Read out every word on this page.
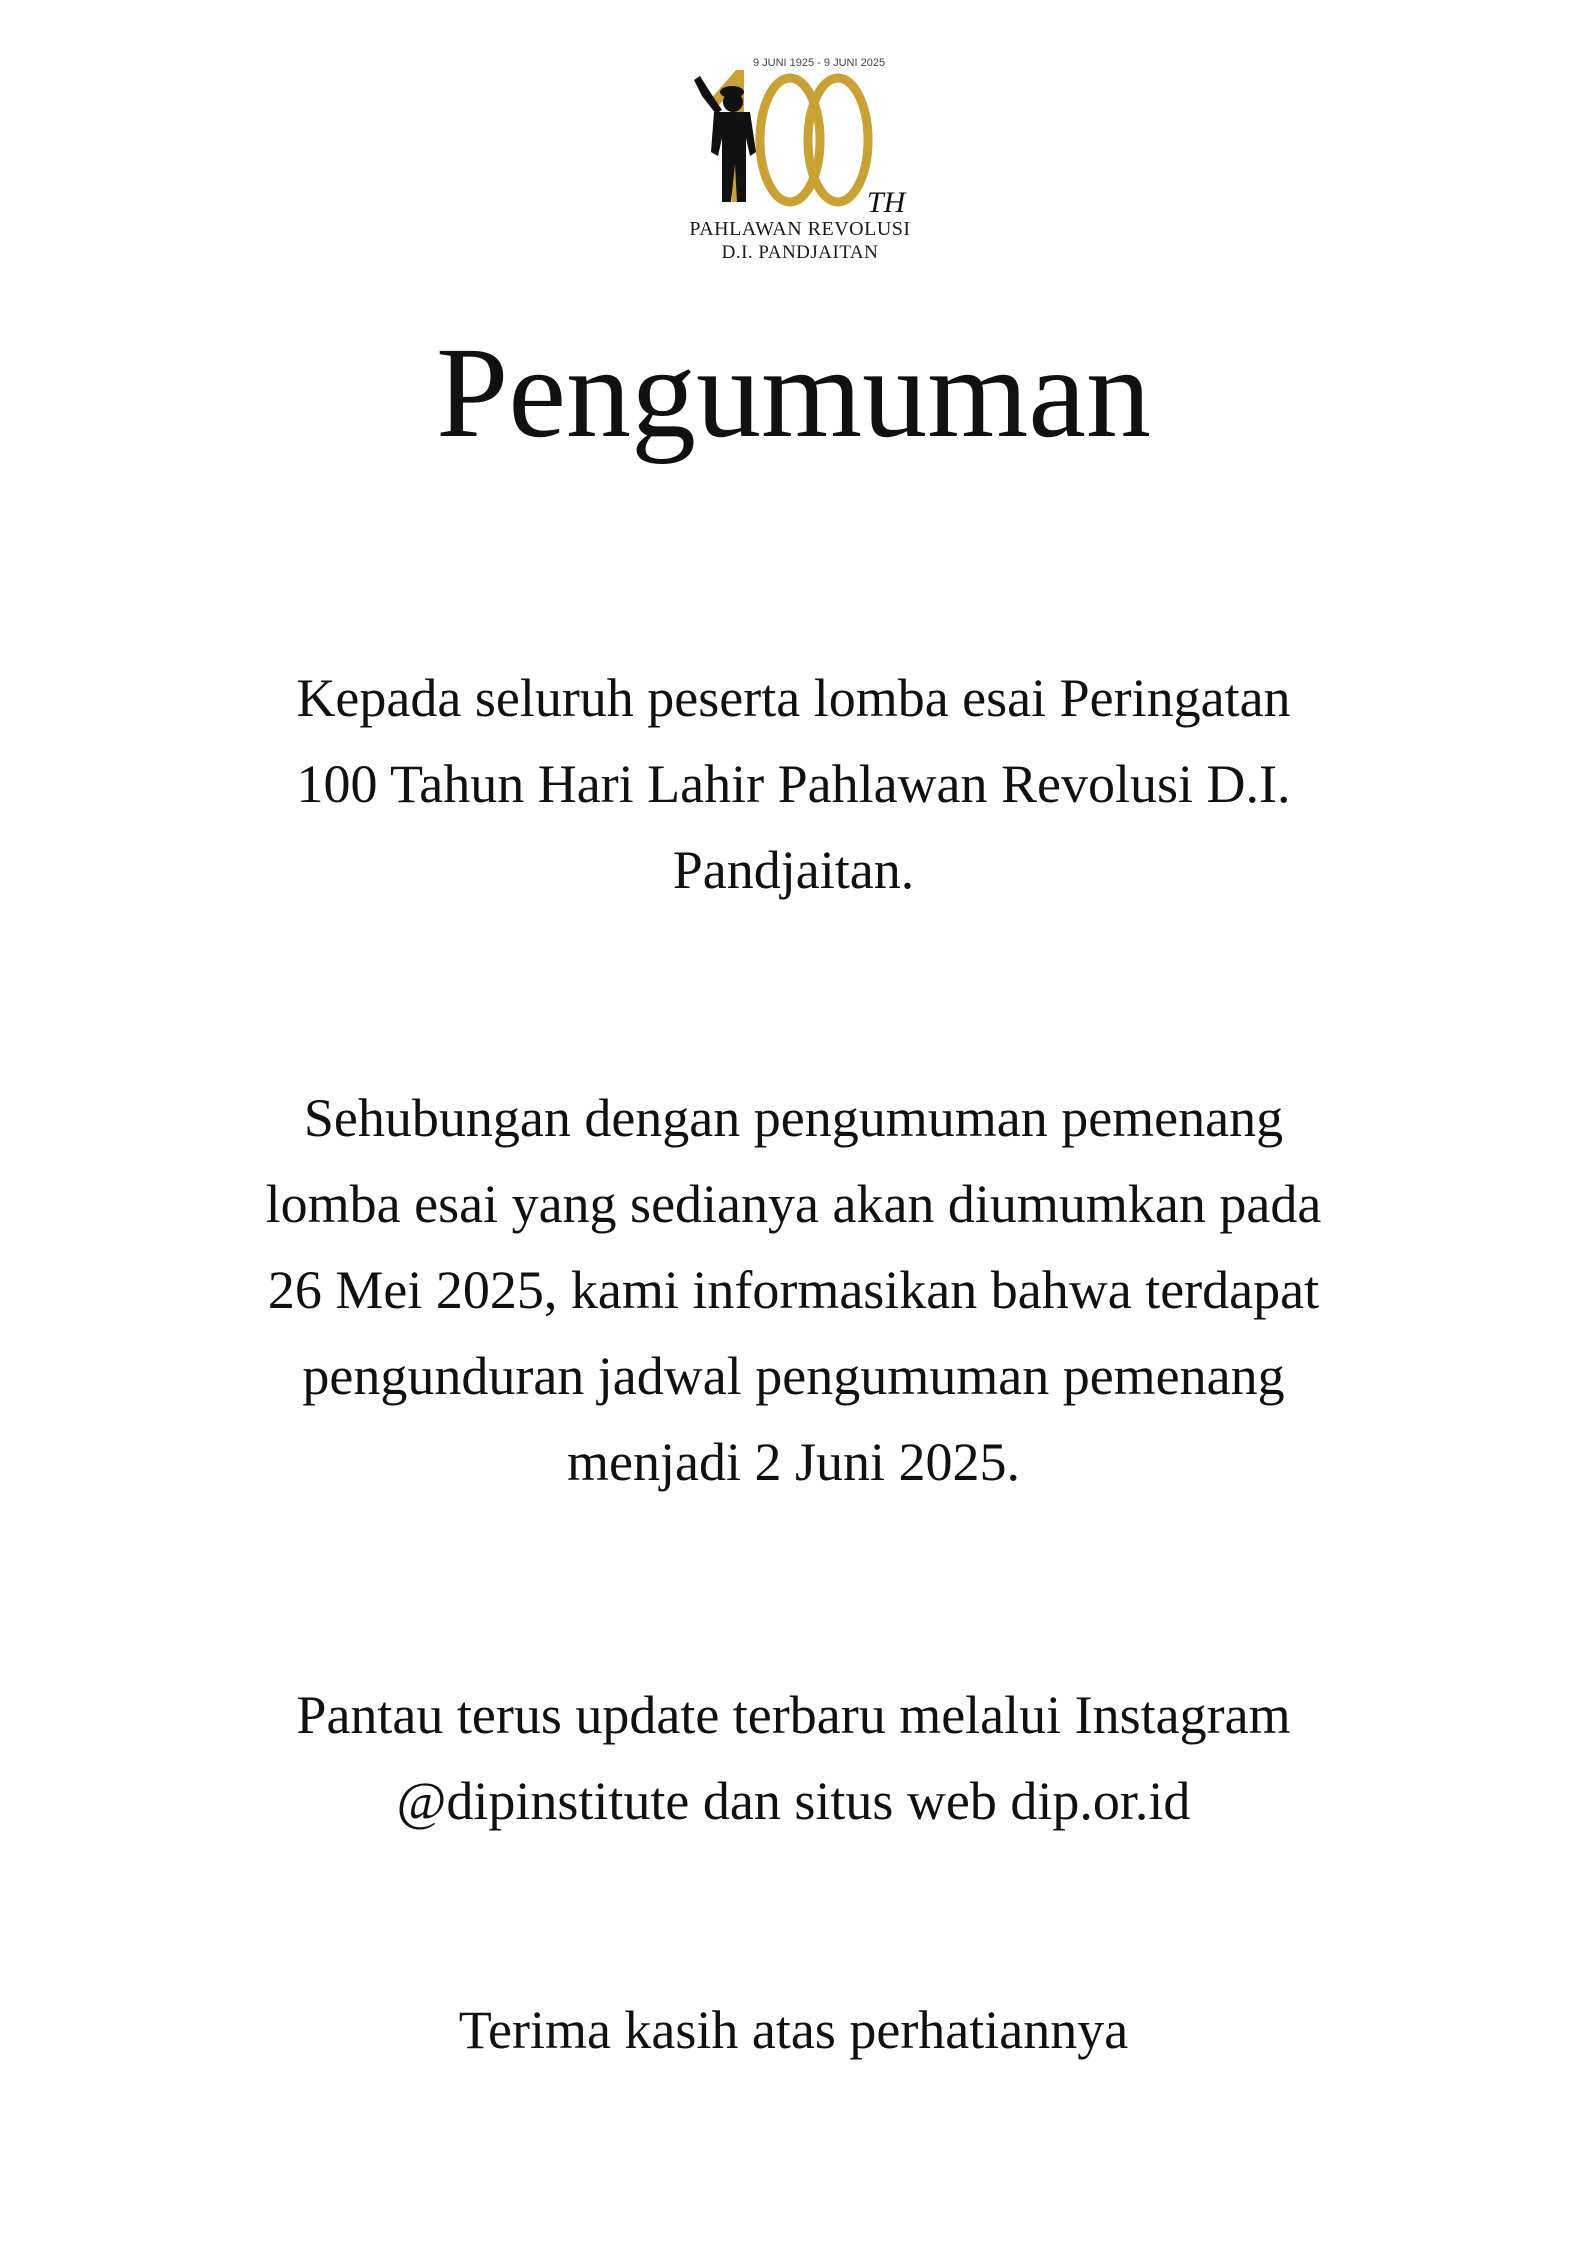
9 JUNI 1925 - 9 JUNI 2025
TH
PAHLAWAN REVOLUSI
D.I. PANDJAITAN
Pengumuman
Kepada seluruh peserta lomba esai Peringatan
100 Tahun Hari Lahir Pahlawan Revolusi D.I.
Pandjaitan.
Sehubungan dengan pengumuman pemenang
lomba esai yang sedianya akan diumumkan pada
26 Mei 2025, kami informasikan bahwa terdapat
pengunduran jadwal pengumuman pemenang
menjadi 2 Juni 2025.
Pantau terus update terbaru melalui Instagram
@dipinstitute dan situs web dip.or.id
Terima kasih atas perhatiannya
